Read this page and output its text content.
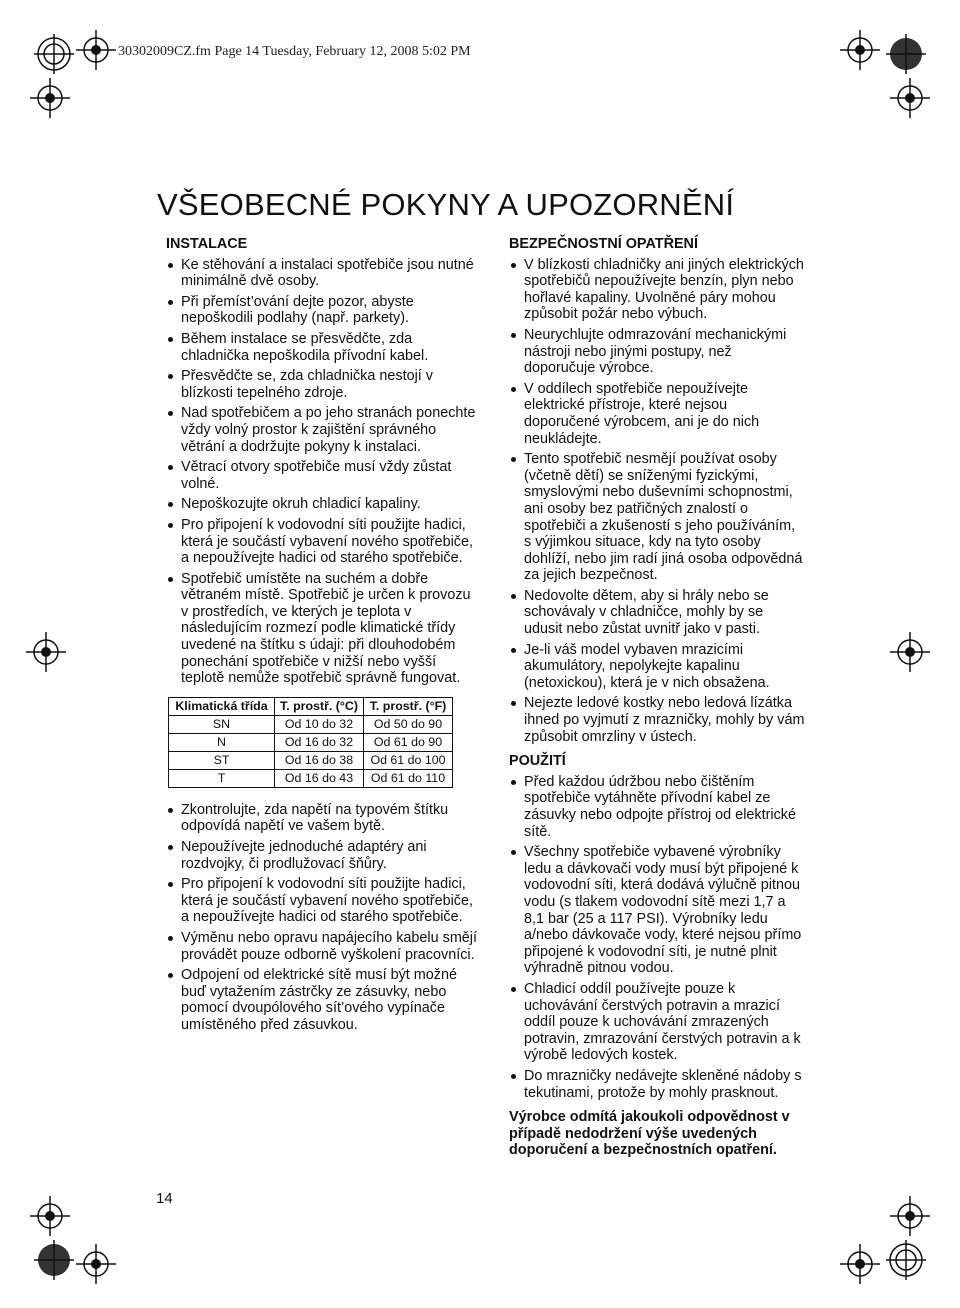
30302009CZ.fm Page 14 Tuesday, February 12, 2008 5:02 PM
VŠEOBECNÉ POKYNY A UPOZORNĚNÍ
INSTALACE
Ke stěhování a instalaci spotřebiče jsou nutné minimálně dvě osoby.
Při přemíst’ování dejte pozor, abyste nepoškodili podlahy (např. parkety).
Během instalace se přesvědčte, zda chladnička nepoškodila přívodní kabel.
Přesvědčte se, zda chladnička nestojí v blízkosti tepelného zdroje.
Nad spotřebičem a po jeho stranách ponechte vždy volný prostor k zajištění správného větrání a dodržujte pokyny k instalaci.
Větrací otvory spotřebiče musí vždy zůstat volné.
Nepoškozujte okruh chladicí kapaliny.
Pro připojení k vodovodní síti použijte hadici, která je součástí vybavení nového spotřebiče, a nepoužívejte hadici od starého spotřebiče.
Spotřebič umístěte na suchém a dobře větraném místě. Spotřebič je určen k provozu v prostředích, ve kterých je teplota v následujícím rozmezí podle klimatické třídy uvedené na štítku s údaji: při dlouhodobém ponechání spotřebiče v nižší nebo vyšší teplotě nemůže spotřebič správně fungovat.
Klimatická třída	T. prostř. (°C)	T. prostř. (°F)
SN	Od 10 do 32	Od 50 do 90
N	Od 16 do 32	Od 61 do 90
ST	Od 16 do 38	Od 61 do 100
T	Od 16 do 43	Od 61 do 110
Zkontrolujte, zda napětí na typovém štítku odpovídá napětí ve vašem bytě.
Nepoužívejte jednoduché adaptéry ani rozdvojky, či prodlužovací šňůry.
Pro připojení k vodovodní síti použijte hadici, která je součástí vybavení nového spotřebiče, a nepoužívejte hadici od starého spotřebiče.
Výměnu nebo opravu napájecího kabelu smějí provádět pouze odborně vyškolení pracovníci.
Odpojení od elektrické sítě musí být možné buď vytažením zástrčky ze zásuvky, nebo pomocí dvoupólového sít’ového vypínače umístěného před zásuvkou.
BEZPEČNOSTNÍ OPATŘENÍ
V blízkosti chladničky ani jiných elektrických spotřebičů nepoužívejte benzín, plyn nebo hořlavé kapaliny. Uvolněné páry mohou způsobit požár nebo výbuch.
Neurychlujte odmrazování mechanickými nástroji nebo jinými postupy, než doporučuje výrobce.
V oddílech spotřebiče nepoužívejte elektrické přístroje, které nejsou doporučené výrobcem, ani je do nich neukládejte.
Tento spotřebič nesmějí používat osoby (včetně dětí) se sníženými fyzickými, smyslovými nebo duševními schopnostmi, ani osoby bez patřičných znalostí o spotřebiči a zkušeností s jeho používáním, s výjimkou situace, kdy na tyto osoby dohlíží, nebo jim radí jiná osoba odpovědná za jejich bezpečnost.
Nedovolte dětem, aby si hrály nebo se schovávaly v chladničce, mohly by se udusit nebo zůstat uvnitř jako v pasti.
Je-li váš model vybaven mrazicími akumulátory, nepolykejte kapalinu (netoxickou), která je v nich obsažena.
Nejezte ledové kostky nebo ledová lízátka ihned po vyjmutí z mrazničky, mohly by vám způsobit omrzliny v ústech.
POUŽITÍ
Před každou údržbou nebo čištěním spotřebiče vytáhněte přívodní kabel ze zásuvky nebo odpojte přístroj od elektrické sítě.
Všechny spotřebiče vybavené výrobníky ledu a dávkovači vody musí být připojené k vodovodní síti, která dodává výlučně pitnou vodu (s tlakem vodovodní sítě mezi 1,7 a 8,1 bar (25 a 117 PSI). Výrobníky ledu a/nebo dávkovače vody, které nejsou přímo připojené k vodovodní síti, je nutné plnit výhradně pitnou vodou.
Chladicí oddíl používejte pouze k uchovávání čerstvých potravin a mrazicí oddíl pouze k uchovávání zmrazených potravin, zmrazování čerstvých potravin a k výrobě ledových kostek.
Do mrazničky nedávejte skleněné nádoby s tekutinami, protože by mohly prasknout.
Výrobce odmítá jakoukoli odpovědnost v případě nedodržení výše uvedených doporučení a bezpečnostních opatření.
14
